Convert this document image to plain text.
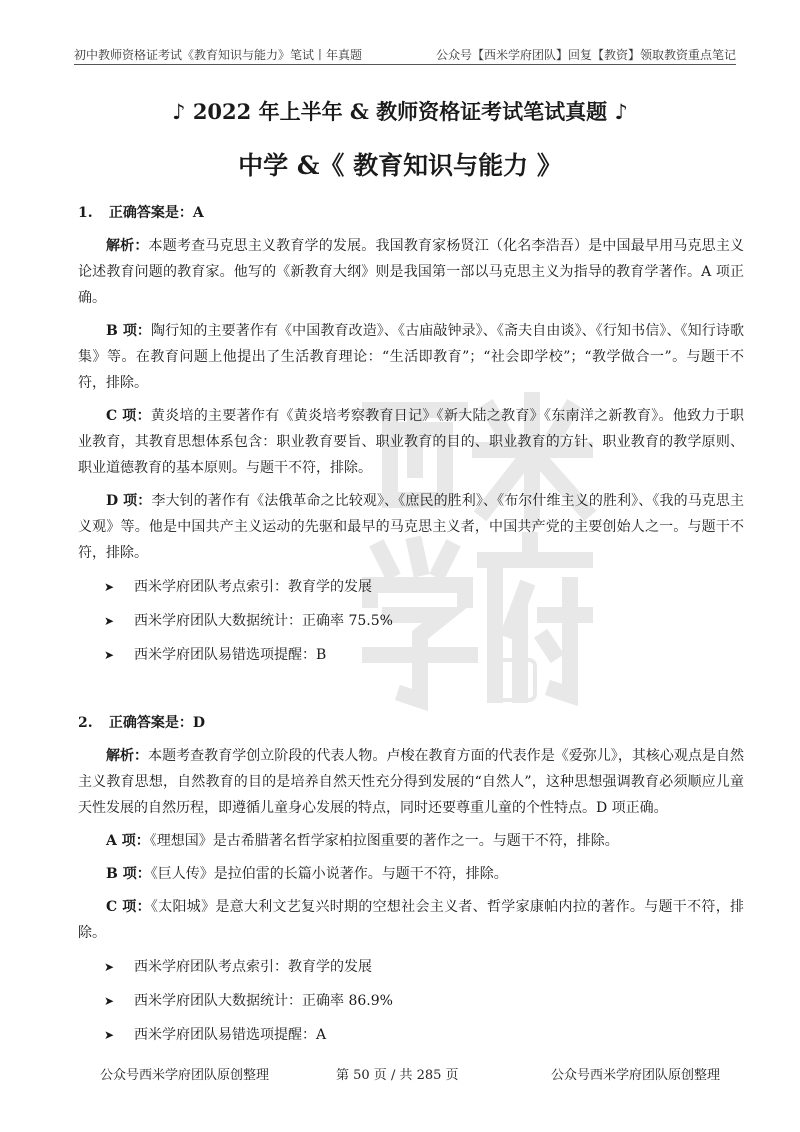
初中教师资格证考试《教育知识与能力》笔试丨年真题	公众号【西米学府团队】回复【教资】领取教资重点笔记
♪ 2022 年上半年 & 教师资格证考试笔试真题 ♪
中学 &《 教育知识与能力 》
1. 正确答案是：A

解析：本题考查马克思主义教育学的发展。我国教育家杨贤江（化名李浩吾）是中国最早用马克思主义论述教育问题的教育家。他写的《新教育大纲》则是我国第一部以马克思主义为指导的教育学著作。A 项正确。

B 项：陶行知的主要著作有《中国教育改造》、《古庙敲钟录》、《斋夫自由谈》、《行知书信》、《知行诗歌集》等。在教育问题上他提出了生活教育理论：“生活即教育”；“社会即学校”；“教学做合一”。与题干不符，排除。

C 项：黄炎培的主要著作有《黄炎培考察教育日记》《新大陆之教育》《东南洋之新教育》。他致力于职业教育，其教育思想体系包含：职业教育要旨、职业教育的目的、职业教育的方针、职业教育的教学原则、职业道德教育的基本原则。与题干不符，排除。

D 项：李大钊的著作有《法俄革命之比较观》、《庶民的胜利》、《布尔什维主义的胜利》、《我的马克思主义观》等。他是中国共产主义运动的先驱和最早的马克思主义者，中国共产党的主要创始人之一。与题干不符，排除。

➤ 西米学府团队考点索引：教育学的发展
➤ 西米学府团队大数据统计：正确率 75.5%
➤ 西米学府团队易错选项提醒：B
2. 正确答案是：D

解析：本题考查教育学创立阶段的代表人物。卢梭在教育方面的代表作是《爱弥儿》，其核心观点是自然主义教育思想，自然教育的目的是培养自然天性充分得到发展的“自然人”，这种思想强调教育必须顺应儿童天性发展的自然历程，即遵循儿童身心发展的特点，同时还要尊重儿童的个性特点。D 项正确。

A 项：《理想国》是古希腊著名哲学家柏拉图重要的著作之一。与题干不符，排除。

B 项：《巨人传》是拉伯雷的长篇小说著作。与题干不符，排除。

C 项：《太阳城》是意大利文艺复兴时期的空想社会主义者、哲学家康帕内拉的著作。与题干不符，排除。

➤ 西米学府团队考点索引：教育学的发展
➤ 西米学府团队大数据统计：正确率 86.9%
➤ 西米学府团队易错选项提醒：A
公众号西米学府团队原创整理	第 50 页 / 共 285 页	公众号西米学府团队原创整理
